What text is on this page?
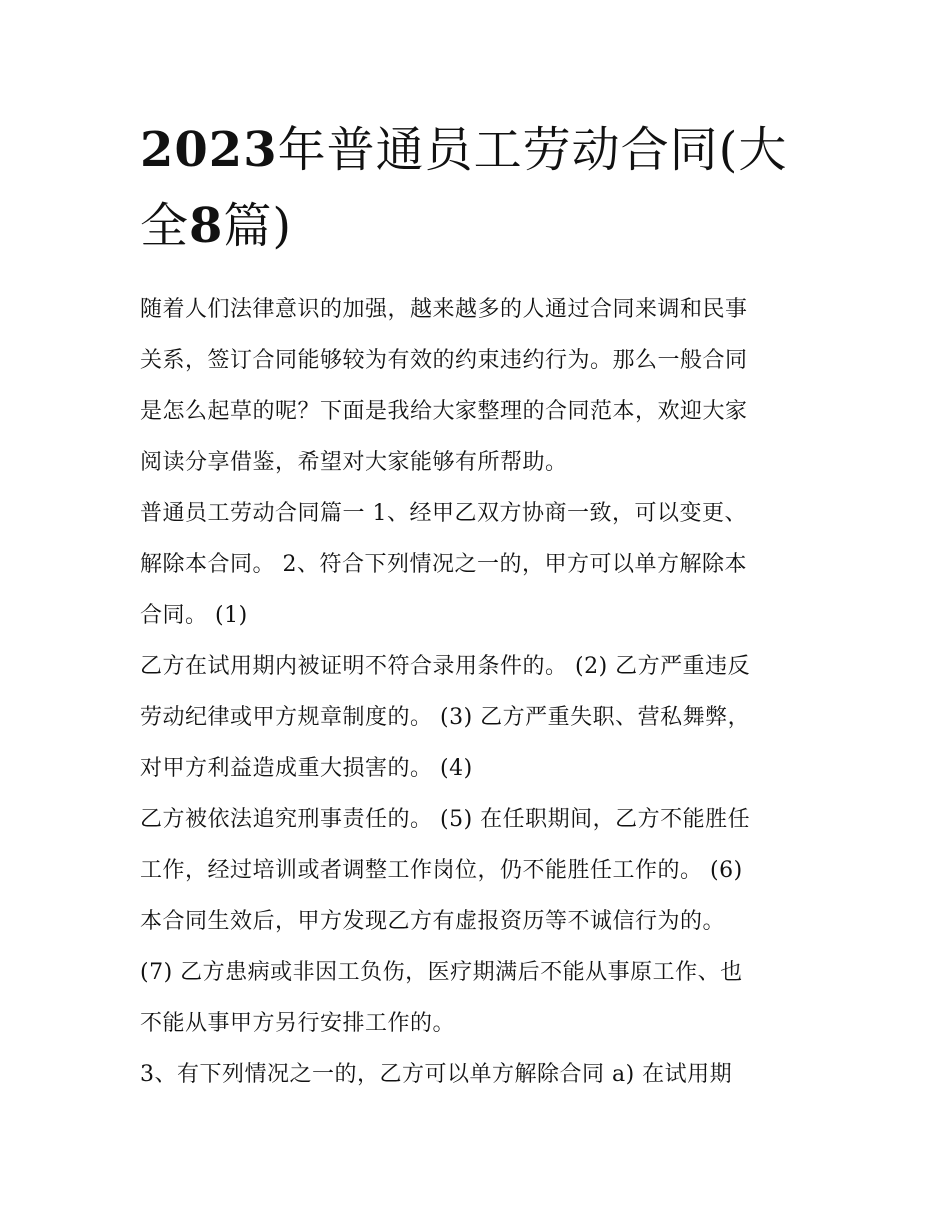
2023年普通员工劳动合同(大
全8篇)
随着人们法律意识的加强，越来越多的人通过合同来调和民事
关系，签订合同能够较为有效的约束违约行为。那么一般合同
是怎么起草的呢？下面是我给大家整理的合同范本，欢迎大家
阅读分享借鉴，希望对大家能够有所帮助。
普通员工劳动合同篇一 1、经甲乙双方协商一致，可以变更、
解除本合同。 2、符合下列情况之一的，甲方可以单方解除本
合同。 (1)
乙方在试用期内被证明不符合录用条件的。 (2) 乙方严重违反
劳动纪律或甲方规章制度的。 (3) 乙方严重失职、营私舞弊，
对甲方利益造成重大损害的。 (4)
乙方被依法追究刑事责任的。 (5) 在任职期间，乙方不能胜任
工作，经过培训或者调整工作岗位，仍不能胜任工作的。 (6)
本合同生效后，甲方发现乙方有虚报资历等不诚信行为的。
(7) 乙方患病或非因工负伤，医疗期满后不能从事原工作、也
不能从事甲方另行安排工作的。
3、有下列情况之一的，乙方可以单方解除合同 a) 在试用期
